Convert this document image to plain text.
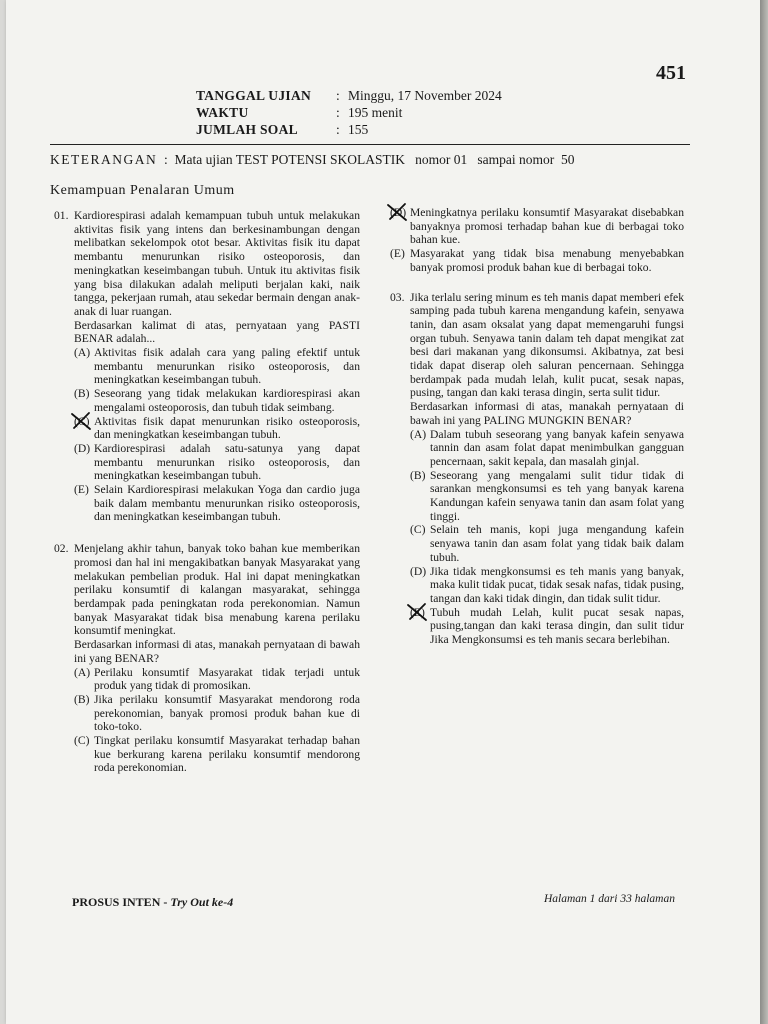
451
TANGGAL UJIAN	: Minggu, 17 November 2024
WAKTU	: 195 menit
JUMLAH SOAL	: 155
KETERANGAN : Mata ujian TEST POTENSI SKOLASTIK nomor 01   sampai nomor  50
Kemampuan Penalaran Umum
01. Kardiorespirasi adalah kemampuan tubuh untuk melakukan aktivitas fisik yang intens dan berkesinambungan dengan melibatkan sekelompok otot besar. Aktivitas fisik itu dapat membantu menurunkan risiko osteoporosis, dan meningkatkan keseimbangan tubuh. Untuk itu aktivitas fisik yang bisa dilakukan adalah meliputi berjalan kaki, naik tangga, pekerjaan rumah, atau sekedar bermain dengan anak-anak di luar ruangan.

Berdasarkan kalimat di atas, pernyataan yang PASTI BENAR adalah...

(A) Aktivitas fisik adalah cara yang paling efektif untuk membantu menurunkan risiko osteoporosis, dan meningkatkan keseimbangan tubuh.
(B) Seseorang yang tidak melakukan kardiorespirasi akan mengalami osteoporosis, dan tubuh tidak seimbang.
(C) Aktivitas fisik dapat menurunkan risiko osteoporosis, dan meningkatkan keseimbangan tubuh.
(D) Kardiorespirasi adalah satu-satunya yang dapat membantu menurunkan risiko osteoporosis, dan meningkatkan keseimbangan tubuh.
(E) Selain Kardiorespirasi melakukan Yoga dan cardio juga baik dalam membantu menurunkan risiko osteoporosis, dan meningkatkan keseimbangan tubuh.
02. Menjelang akhir tahun, banyak toko bahan kue memberikan promosi dan hal ini mengakibatkan banyak Masyarakat yang melakukan pembelian produk. Hal ini dapat meningkatkan perilaku konsumtif di kalangan masyarakat, sehingga berdampak pada peningkatan roda perekonomian. Namun banyak Masyarakat tidak bisa menabung karena perilaku konsumtif meningkat.

Berdasarkan informasi di atas, manakah pernyataan di bawah ini yang BENAR?

(A) Perilaku konsumtif Masyarakat tidak terjadi untuk produk yang tidak di promosikan.
(B) Jika perilaku konsumtif Masyarakat mendorong roda perekonomian, banyak promosi produk bahan kue di toko-toko.
(C) Tingkat perilaku konsumtif Masyarakat terhadap bahan kue berkurang karena perilaku konsumtif mendorong roda perekonomian.
(D) Meningkatnya perilaku konsumtif Masyarakat disebabkan banyaknya promosi terhadap bahan kue di berbagai toko bahan kue.
(E) Masyarakat yang tidak bisa menabung menyebabkan banyak promosi produk bahan kue di berbagai toko.
03. Jika terlalu sering minum es teh manis dapat memberi efek samping pada tubuh karena mengandung kafein, senyawa tanin, dan asam oksalat yang dapat memengaruhi fungsi organ tubuh. Senyawa tanin dalam teh dapat mengikat zat besi dari makanan yang dikonsumsi. Akibatnya, zat besi tidak dapat diserap oleh saluran pencernaan. Sehingga berdampak pada mudah lelah, kulit pucat, sesak napas, pusing, tangan dan kaki terasa dingin, serta sulit tidur.

Berdasarkan informasi di atas, manakah pernyataan di bawah ini yang PALING MUNGKIN BENAR?

(A) Dalam tubuh seseorang yang banyak kafein senyawa tannin dan asam folat dapat menimbulkan gangguan pencernaan, sakit kepala, dan masalah ginjal.
(B) Seseorang yang mengalami sulit tidur tidak di sarankan mengkonsumsi es teh yang banyak karena Kandungan kafein senyawa tanin dan asam folat yang tinggi.
(C) Selain teh manis, kopi juga mengandung kafein senyawa tanin dan asam folat yang tidak baik dalam tubuh.
(D) Jika tidak mengkonsumsi es teh manis yang banyak, maka kulit tidak pucat, tidak sesak nafas, tidak pusing, tangan dan kaki tidak dingin, dan tidak sulit tidur.
(E) Tubuh mudah Lelah, kulit pucat sesak napas, pusing,tangan dan kaki terasa dingin, dan sulit tidur Jika Mengkonsumsi es teh manis secara berlebihan.
PROSUS INTEN - Try Out ke-4	Halaman 1 dari 33 halaman
